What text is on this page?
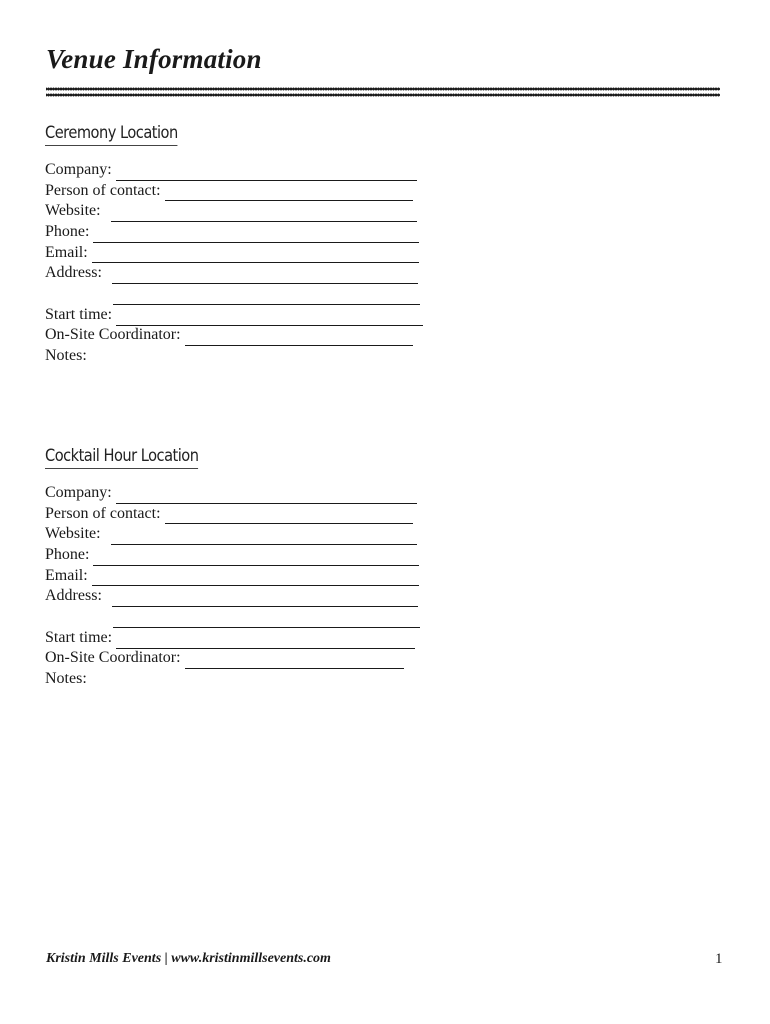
Venue Information
Ceremony Location
Company:
Person of contact:
Website:
Phone:
Email:
Address:
Start time:
On-Site Coordinator:
Notes:
Cocktail Hour Location
Company:
Person of contact:
Website:
Phone:
Email:
Address:
Start time:
On-Site Coordinator:
Notes:
Kristin Mills Events | www.kristinmillsevents.com	1
